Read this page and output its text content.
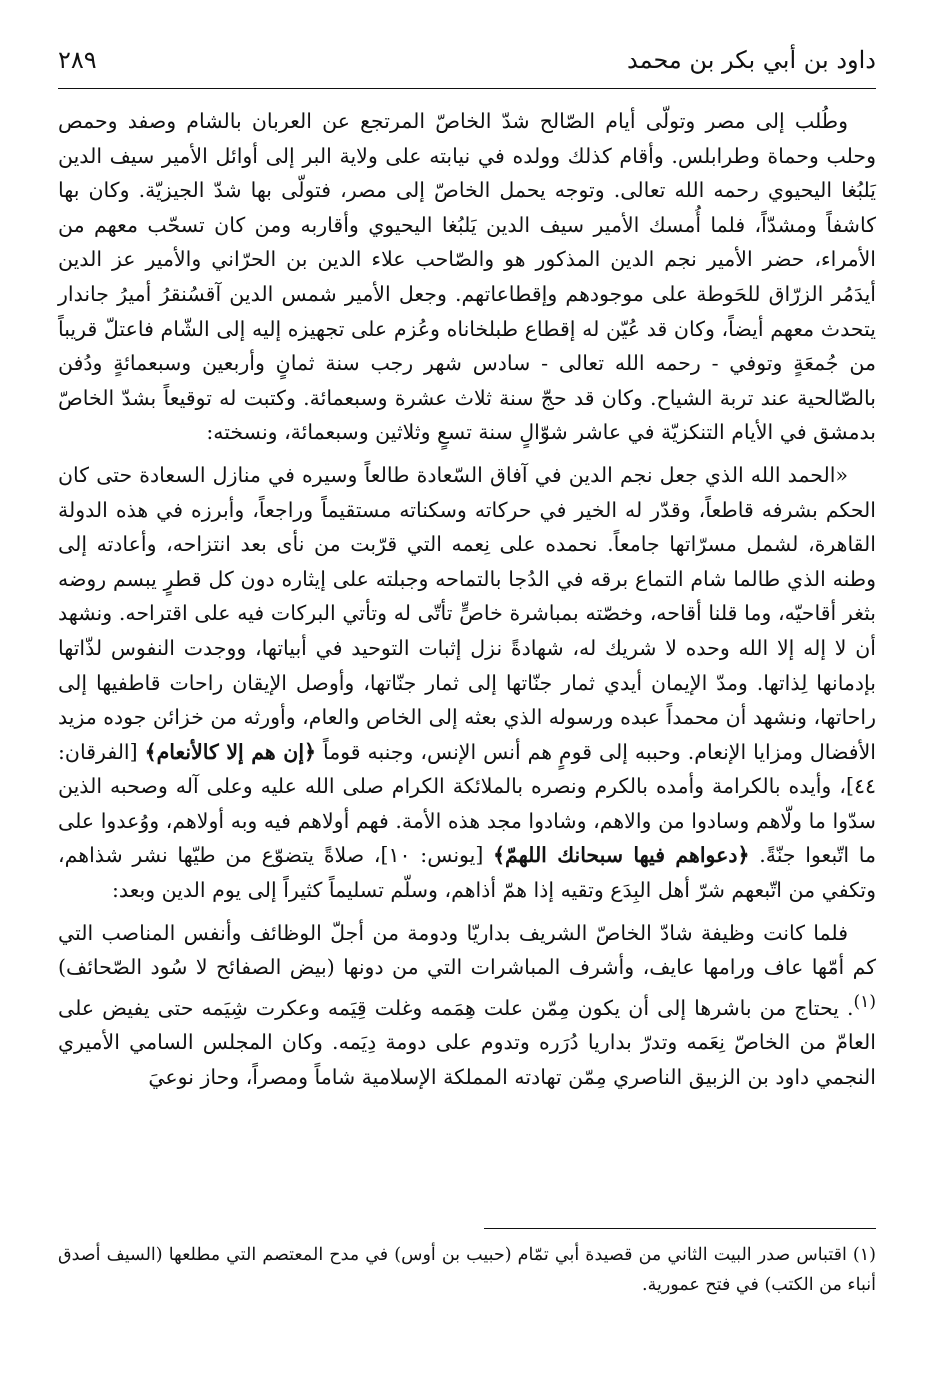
داود بن أبي بكر بن محمد
٢٨٩

وطُلب إلى مصر وتولّى أيام الصّالح شدّ الخاصّ المرتجع عن العربان بالشام وصفد وحمص وحلب وحماة وطرابلس. وأقام كذلك وولده في نيابته على ولاية البر إلى أوائل الأمير سيف الدين يَلبُغا اليحيوي رحمه الله تعالى. وتوجه يحمل الخاصّ إلى مصر، فتولّى بها شدّ الجيزيّة. وكان بها كاشفاً ومشدّاً، فلما أُمسك الأمير سيف الدين يَلبُغا اليحيوي وأقاربه ومن كان تسحّب معهم من الأمراء، حضر الأمير نجم الدين المذكور هو والصّاحب علاء الدين بن الحرّاني والأمير عز الدين أيدَمُر الزرّاق للحَوطة على موجودهم وإقطاعاتهم. وجعل الأمير شمس الدين آقسُنقرُ أميرُ جاندار يتحدث معهم أيضاً، وكان قد عُيّن له إقطاع طبلخاناه وعُزم على تجهيزه إليه إلى الشّام فاعتلّ قريباً من جُمعَةٍ وتوفي - رحمه الله تعالى - سادس شهر رجب سنة ثمانٍ وأربعين وسبعمائةٍ ودُفن بالصّالحية عند تربة الشياح. وكان قد حجّ سنة ثلاث عشرة وسبعمائة. وكتبت له توقيعاً بشدّ الخاصّ بدمشق في الأيام التنكزيّة في عاشر شوّالٍ سنة تسعٍ وثلاثين وسبعمائة، ونسخته:

«الحمد الله الذي جعل نجم الدين في آفاق السّعادة طالعاً وسيره في منازل السعادة حتى كان الحكم بشرفه قاطعاً، وقدّر له الخير في حركاته وسكناته مستقيماً وراجعاً، وأبرزه في هذه الدولة القاهرة، لشمل مسرّاتها جامعاً. نحمده على نِعمه التي قرّبت من نأى بعد انتزاحه، وأعادته إلى وطنه الذي طالما شام التماع برقه في الدُجا بالتماحه وجبلته على إيثاره دون كل قطرٍ يبسم روضه بثغر أقاحيّه، وما قلنا أقاحه، وخصّته بمباشرة خاصٍّ تأتّى له وتأتي البركات فيه على اقتراحه. ونشهد أن لا إله إلا الله وحده لا شريك له، شهادةً نزل إثبات التوحيد في أبياتها، ووجدت النفوس لذّاتها بإدمانها لِذاتها. ومدّ الإيمان أيدي ثمار جنّاتها إلى ثمار جنّاتها، وأوصل الإيقان راحات قاطفيها إلى راحاتها، ونشهد أن محمداً عبده ورسوله الذي بعثه إلى الخاص والعام، وأورثه من خزائن جوده مزيد الأفضال ومزايا الإنعام. وحببه إلى قومٍ هم أنس الإنس، وجنبه قوماً ﴿إن هم إلا كالأنعام﴾ [الفرقان: ٤٤]، وأيده بالكرامة وأمده بالكرم ونصره بالملائكة الكرام صلى الله عليه وعلى آله وصحبه الذين سدّوا ما ولّاهم وسادوا من والاهم، وشادوا مجد هذه الأمة. فهم أولاهم فيه وبه أولاهم، ووُعدوا على ما اتّبعوا جنّةً. ﴿دعواهم فيها سبحانك اللهمّ﴾ [يونس: ١٠]، صلاةً يتضوّع من طيّها نشر شذاهم، وتكفي من اتّبعهم شرّ أهل البِدَع وتقيه إذا همّ أذاهم، وسلّم تسليماً كثيراً إلى يوم الدين وبعد:

فلما كانت وظيفة شادّ الخاصّ الشريف بداريّا ودومة من أجلّ الوظائف وأنفس المناصب التي كم أمّها عاف ورامها عايف، وأشرف المباشرات التي من دونها (بيض الصفائح لا سُود الصّحائف)$^{(١)}$. يحتاج من باشرها إلى أن يكون مِمّن علت هِمَمه وغلت قِيَمه وعكرت شِيَمه حتى يفيض على العامّ من الخاصّ نِعَمه وتدرّ بداريا دُرَره وتدوم على دومة دِيَمه. وكان المجلس السامي الأميري النجمي داود بن الزبيق الناصري مِمّن تهادته المملكة الإسلامية شاماً ومصراً، وحاز نوعيَ

(١) اقتباس صدر البيت الثاني من قصيدة أبي تمّام (حبيب بن أوس) في مدح المعتصم التي مطلعها (السيف أصدق أنباء من الكتب) في فتح عمورية.
